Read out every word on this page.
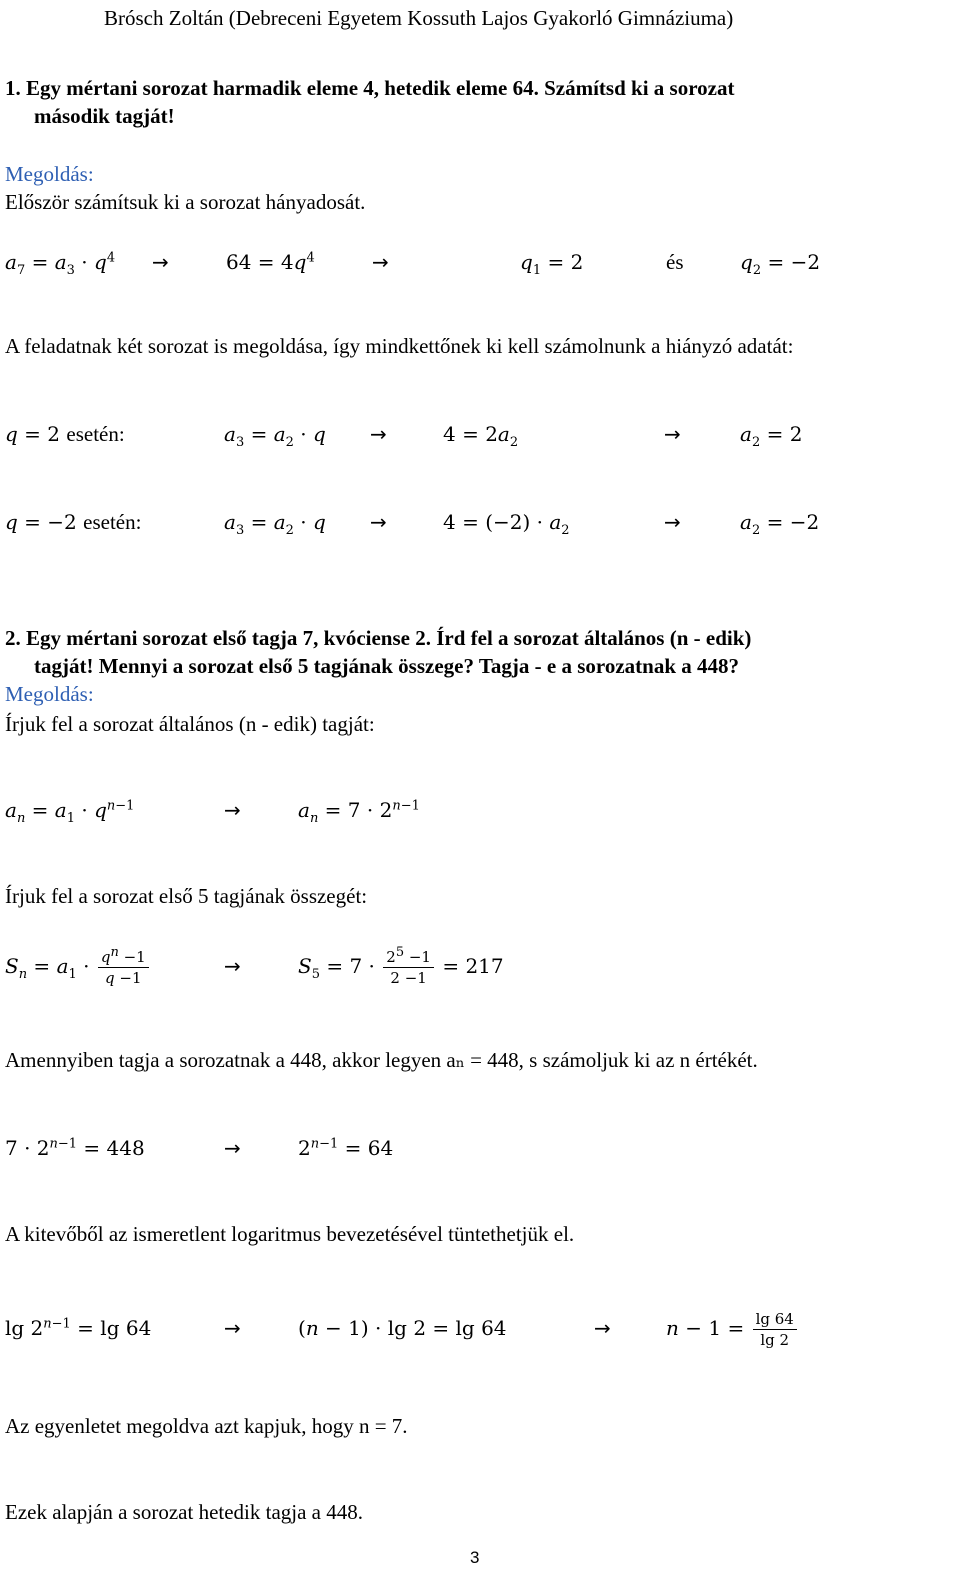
Brósch Zoltán (Debreceni Egyetem Kossuth Lajos Gyakorló Gimnáziuma)
1. Egy mértani sorozat harmadik eleme 4, hetedik eleme 64. Számítsd ki a sorozat
második tagját!
Megoldás:
Először számítsuk ki a sorozat hányadosát.
$a_7 = a_3 \cdot q^4$ →	$64 = 4q^4$	→	$q_1 = 2$	és	$q_2 = -2$
A feladatnak két sorozat is megoldása, így mindkettőnek ki kell számolnunk a hiányzó adatát:
q = 2 esetén:	$a_3 = a_2 \cdot q$ →	$4 = 2a_2$	→	$a_2 = 2$
q = −2 esetén:	$a_3 = a_2 \cdot q$ →	$4 = (-2) \cdot a_2$	→	$a_2 = -2$
2. Egy mértani sorozat első tagja 7, kvóciense 2. Írd fel a sorozat általános (n - edik)
tagját! Mennyi a sorozat első 5 tagjának összege? Tagja - e a sorozatnak a 448?
Megoldás:
Írjuk fel a sorozat általános (n - edik) tagját:
$a_n = a_1 \cdot q^{n-1}$	→	$a_n = 7 \cdot 2^{n-1}$
Írjuk fel a sorozat első 5 tagjának összegét:
$S_n = a_1 \cdot \frac{q^n -1}{q -1}$	→	$S_5 = 7 \cdot \frac{2^5 -1}{2 -1} = 217$
Amennyiben tagja a sorozatnak a 448, akkor legyen aₙ = 448, s számoljuk ki az n értékét.
$7 \cdot 2^{n-1} = 448$	→	$2^{n-1} = 64$
A kitevőből az ismeretlent logaritmus bevezetésével tüntethetjük el.
$\lg 2^{n-1} = \lg 64$	→	(n − 1) · lg 2 = lg 64	→	$n - 1 = \frac{\lg 64}{\lg 2}$
Az egyenletet megoldva azt kapjuk, hogy n = 7.
Ezek alapján a sorozat hetedik tagja a 448.
3
